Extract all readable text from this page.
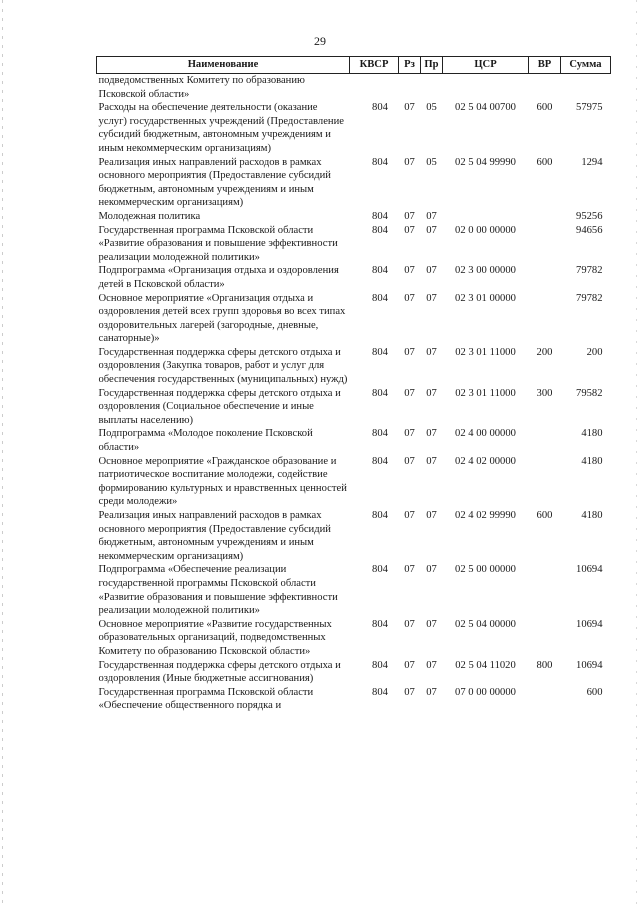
29
Наименование	КВСР	Рз	Пр	ЦСР	ВР	Сумма
подведомственных Комитету по образованию Псковской области»						
Расходы на обеспечение деятельности (оказание услуг) государственных учреждений (Предоставление субсидий бюджетным, автономным учреждениям и иным некоммерческим организациям)	804	07	05	02 5 04 00700	600	57975
Реализация иных направлений расходов в рамках основного мероприятия (Предоставление субсидий бюджетным, автономным учреждениям и иным некоммерческим организациям)	804	07	05	02 5 04 99990	600	1294
Молодежная политика	804	07	07			95256
Государственная программа Псковской области «Развитие образования и повышение эффективности реализации молодежной политики»	804	07	07	02 0 00 00000		94656
Подпрограмма «Организация отдыха и оздоровления детей в Псковской области»	804	07	07	02 3 00 00000		79782
Основное мероприятие «Организация отдыха и оздоровления детей всех групп здоровья во всех типах оздоровительных лагерей (загородные, дневные, санаторные)»	804	07	07	02 3 01 00000		79782
Государственная поддержка сферы детского отдыха и оздоровления (Закупка товаров, работ и услуг для обеспечения государственных (муниципальных) нужд)	804	07	07	02 3 01 11000	200	200
Государственная поддержка сферы детского отдыха и оздоровления (Социальное обеспечение и иные выплаты населению)	804	07	07	02 3 01 11000	300	79582
Подпрограмма «Молодое поколение Псковской области»	804	07	07	02 4 00 00000		4180
Основное мероприятие «Гражданское образование и патриотическое воспитание молодежи, содействие формированию культурных и нравственных ценностей среди молодежи»	804	07	07	02 4 02 00000		4180
Реализация иных направлений расходов в рамках основного мероприятия (Предоставление субсидий бюджетным, автономным учреждениям и иным некоммерческим организациям)	804	07	07	02 4 02 99990	600	4180
Подпрограмма «Обеспечение реализации государственной программы Псковской области «Развитие образования и повышение эффективности реализации молодежной политики»	804	07	07	02 5 00 00000		10694
Основное мероприятие «Развитие государственных образовательных организаций, подведомственных Комитету по образованию Псковской области»	804	07	07	02 5 04 00000		10694
Государственная поддержка сферы детского отдыха и оздоровления (Иные бюджетные ассигнования)	804	07	07	02 5 04 11020	800	10694
Государственная программа Псковской области «Обеспечение общественного порядка и	804	07	07	07 0 00 00000		600
